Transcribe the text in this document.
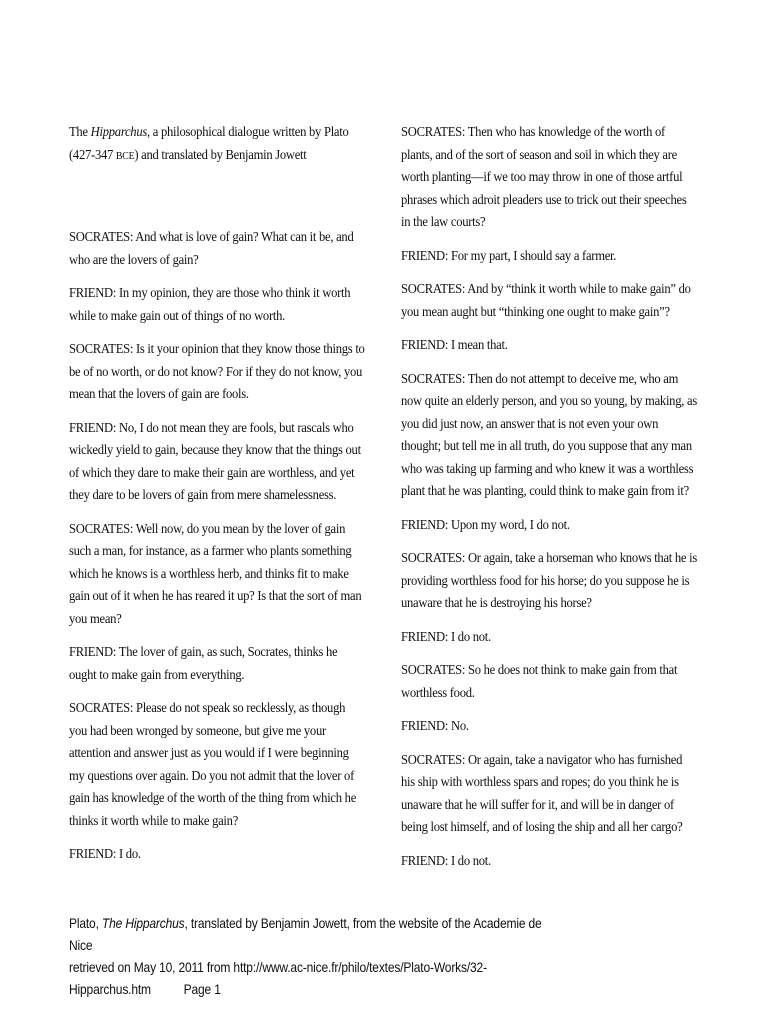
The Hipparchus, a philosophical dialogue written by Plato (427-347 BCE) and translated by Benjamin Jowett

SOCRATES: And what is love of gain? What can it be, and who are the lovers of gain?

FRIEND: In my opinion, they are those who think it worth while to make gain out of things of no worth.

SOCRATES: Is it your opinion that they know those things to be of no worth, or do not know? For if they do not know, you mean that the lovers of gain are fools.

FRIEND: No, I do not mean they are fools, but rascals who wickedly yield to gain, because they know that the things out of which they dare to make their gain are worthless, and yet they dare to be lovers of gain from mere shamelessness.

SOCRATES: Well now, do you mean by the lover of gain such a man, for instance, as a farmer who plants something which he knows is a worthless herb, and thinks fit to make gain out of it when he has reared it up? Is that the sort of man you mean?

FRIEND: The lover of gain, as such, Socrates, thinks he ought to make gain from everything.

SOCRATES: Please do not speak so recklessly, as though you had been wronged by someone, but give me your attention and answer just as you would if I were beginning my questions over again. Do you not admit that the lover of gain has knowledge of the worth of the thing from which he thinks it worth while to make gain?

FRIEND: I do.

SOCRATES: Then who has knowledge of the worth of plants, and of the sort of season and soil in which they are worth planting—if we too may throw in one of those artful phrases which adroit pleaders use to trick out their speeches in the law courts?

FRIEND: For my part, I should say a farmer.

SOCRATES: And by “think it worth while to make gain” do you mean aught but “thinking one ought to make gain”?

FRIEND: I mean that.

SOCRATES: Then do not attempt to deceive me, who am now quite an elderly person, and you so young, by making, as you did just now, an answer that is not even your own thought; but tell me in all truth, do you suppose that any man who was taking up farming and who knew it was a worthless plant that he was planting, could think to make gain from it?

FRIEND: Upon my word, I do not.

SOCRATES: Or again, take a horseman who knows that he is providing worthless food for his horse; do you suppose he is unaware that he is destroying his horse?

FRIEND: I do not.

SOCRATES: So he does not think to make gain from that worthless food.

FRIEND: No.

SOCRATES: Or again, take a navigator who has furnished his ship with worthless spars and ropes; do you think he is unaware that he will suffer for it, and will be in danger of being lost himself, and of losing the ship and all her cargo?

FRIEND: I do not.

Plato, The Hipparchus, translated by Benjamin Jowett, from the website of the Academie de Nice
retrieved on May 10, 2011 from http://www.ac-nice.fr/philo/textes/Plato-Works/32-Hipparchus.htm Page 1
